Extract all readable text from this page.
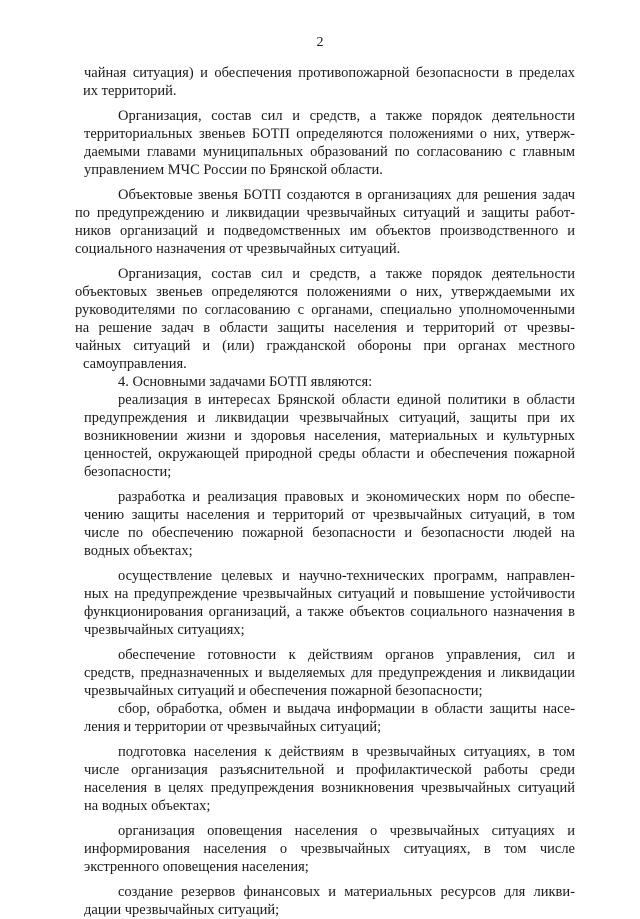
2
чайная ситуация) и обеспечения противопожарной безопасности в пределах
их территорий.
Организация, состав сил и средств, а также порядок деятельности
территориальных звеньев БОТП определяются положениями о них, утверж-
даемыми главами муниципальных образований по согласованию с главным
управлением МЧС России по Брянской области.
Объектовые звенья БОТП создаются в организациях для решения задач
по предупреждению и ликвидации чрезвычайных ситуаций и защиты работ-
ников организаций и подведомственных им объектов производственного и
социального назначения от чрезвычайных ситуаций.
Организация, состав сил и средств, а также порядок деятельности
объектовых звеньев определяются положениями о них, утверждаемыми их
руководителями по согласованию с органами, специально уполномоченными
на решение задач в области защиты населения и территорий от чрезвы-
чайных ситуаций и (или) гражданской обороны при органах местного
самоуправления.
4. Основными задачами БОТП являются:
реализация в интересах Брянской области единой политики в области
предупреждения и ликвидации чрезвычайных ситуаций, защиты при их
возникновении жизни и здоровья населения, материальных и культурных
ценностей, окружающей природной среды области и обеспечения пожарной
безопасности;
разработка и реализация правовых и экономических норм по обеспе-
чению защиты населения и территорий от чрезвычайных ситуаций, в том
числе по обеспечению пожарной безопасности и безопасности людей на
водных объектах;
осуществление целевых и научно-технических программ, направлен-
ных на предупреждение чрезвычайных ситуаций и повышение устойчивости
функционирования организаций, а также объектов социального назначения в
чрезвычайных ситуациях;
обеспечение готовности к действиям органов управления, сил и
средств, предназначенных и выделяемых для предупреждения и ликвидации
чрезвычайных ситуаций и обеспечения пожарной безопасности;
сбор, обработка, обмен и выдача информации в области защиты насе-
ления и территории от чрезвычайных ситуаций;
подготовка населения к действиям в чрезвычайных ситуациях, в том
числе организация разъяснительной и профилактической работы среди
населения в целях предупреждения возникновения чрезвычайных ситуаций
на водных объектах;
организация оповещения населения о чрезвычайных ситуациях и
информирования населения о чрезвычайных ситуациях, в том числе
экстренного оповещения населения;
создание резервов финансовых и материальных ресурсов для ликви-
дации чрезвычайных ситуаций;
